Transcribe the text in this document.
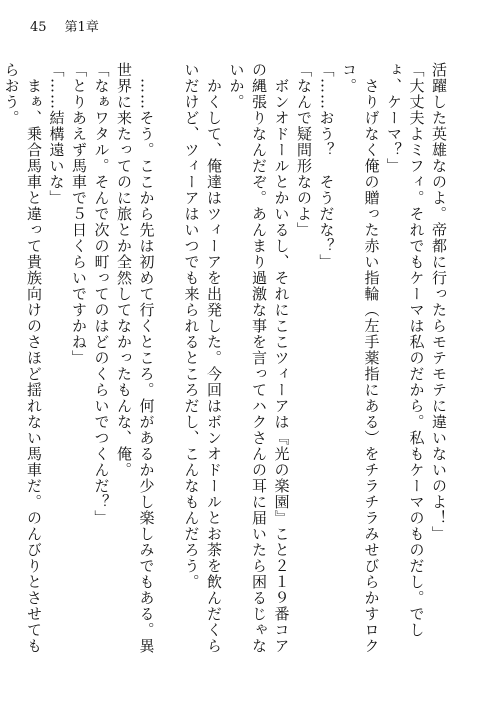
45 第1章

活躍した英雄なのよ。帝都に行ったらモテモテに違いないのよ！」

「大丈夫よミフィ。それでもケーマは私のだから。私もケーマのものだし。でしょ、ケーマ？」

　さりげなく俺の贈った赤い指輪（左手薬指にある）をチラチラみせびらかすロクコ。

「……おう？　そうだな？」

「なんで疑問形なのよ」

　ボンオドールとかいるし、それにここツィーアは『光の楽園』こと２１９番コアの縄張りなんだぞ。あんまり過激な事を言ってハクさんの耳に届いたら困るじゃないか。

　かくして、俺達はツィーアを出発した。今回はボンオドールとお茶を飲んだくらいだけど、ツィーアはいつでも来られるところだし、こんなもんだろう。

　……そう。ここから先は初めて行くところ。何があるか少し楽しみでもある。異世界に来たってのに旅とか全然してなかったもんな、俺。

「なぁワタル。そんで次の町ってのはどのくらいでつくんだ？」

「とりあえず馬車で５日くらいですかね」

「……結構遠いな」

　まぁ、乗合馬車と違って貴族向けのさほど揺れない馬車だ。のんびりとさせてもらおう。
